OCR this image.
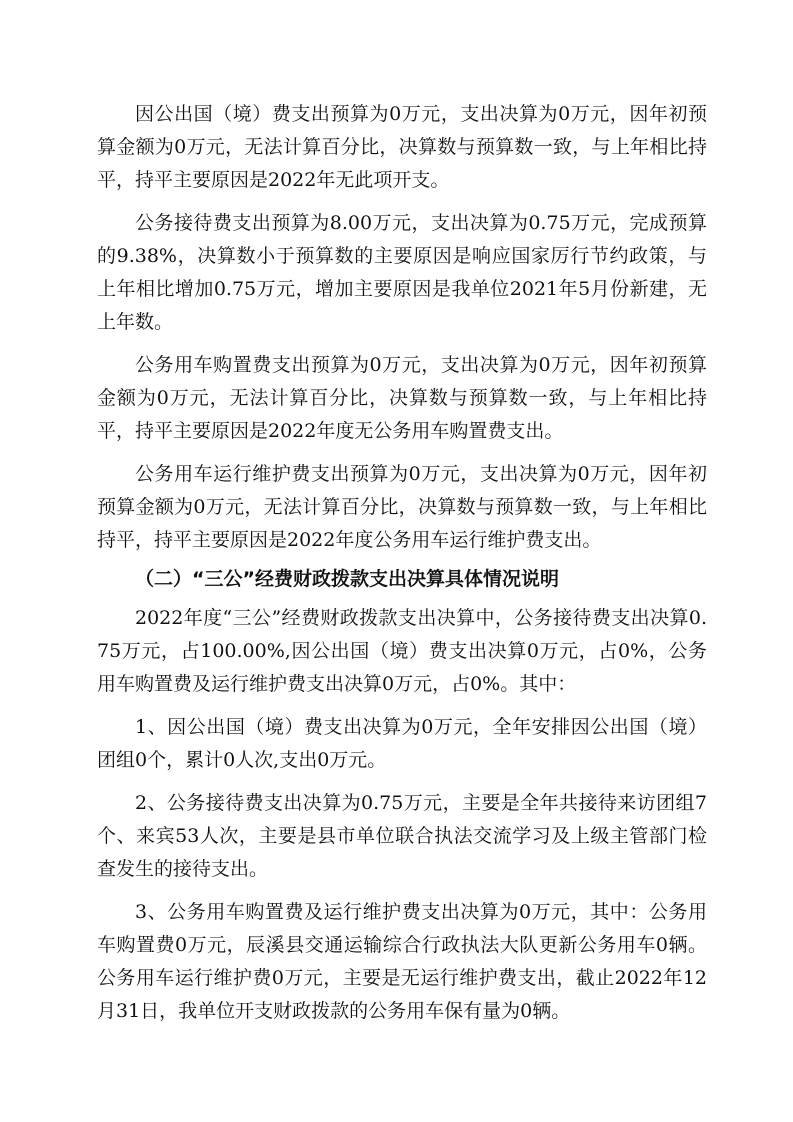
因公出国（境）费支出预算为0万元，支出决算为0万元，因年初预算金额为0万元，无法计算百分比，决算数与预算数一致，与上年相比持平，持平主要原因是2022年无此项开支。

公务接待费支出预算为8.00万元，支出决算为0.75万元，完成预算的9.38%，决算数小于预算数的主要原因是响应国家厉行节约政策，与上年相比增加0.75万元，增加主要原因是我单位2021年5月份新建，无上年数。

公务用车购置费支出预算为0万元，支出决算为0万元，因年初预算金额为0万元，无法计算百分比，决算数与预算数一致，与上年相比持平，持平主要原因是2022年度无公务用车购置费支出。

公务用车运行维护费支出预算为0万元，支出决算为0万元，因年初预算金额为0万元，无法计算百分比，决算数与预算数一致，与上年相比持平，持平主要原因是2022年度公务用车运行维护费支出。

（二）“三公”经费财政拨款支出决算具体情况说明

2022年度“三公”经费财政拨款支出决算中，公务接待费支出决算0.75万元，占100.00%,因公出国（境）费支出决算0万元，占0%，公务用车购置费及运行维护费支出决算0万元，占0%。其中：

1、因公出国（境）费支出决算为0万元，全年安排因公出国（境）团组0个，累计0人次,支出0万元。

2、公务接待费支出决算为0.75万元，主要是全年共接待来访团组7个、来宾53人次，主要是县市单位联合执法交流学习及上级主管部门检查发生的接待支出。

3、公务用车购置费及运行维护费支出决算为0万元，其中：公务用车购置费0万元，辰溪县交通运输综合行政执法大队更新公务用车0辆。公务用车运行维护费0万元，主要是无运行维护费支出，截止2022年12月31日，我单位开支财政拨款的公务用车保有量为0辆。
